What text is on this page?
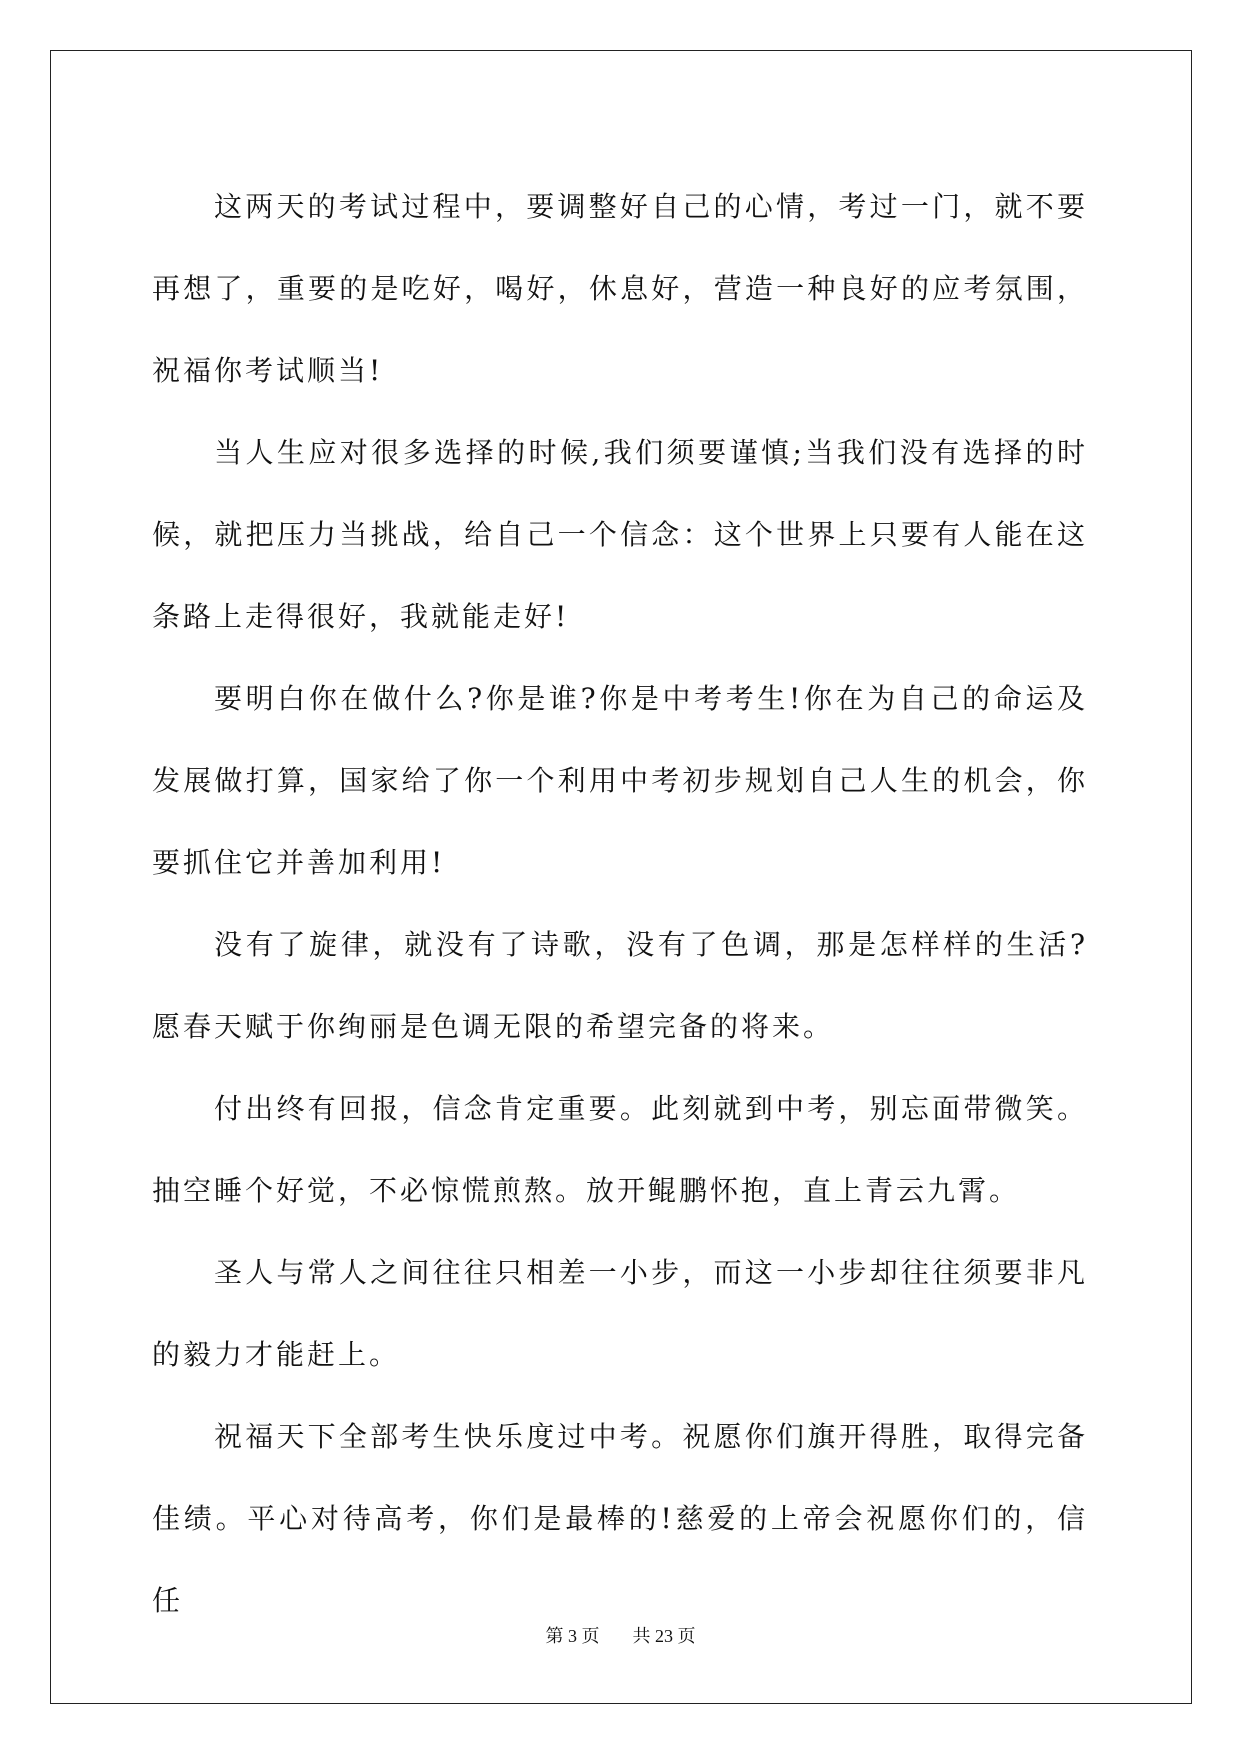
这两天的考试过程中，要调整好自己的心情，考过一门，就不要再想了，重要的是吃好，喝好，休息好，营造一种良好的应考氛围，祝福你考试顺当!

当人生应对很多选择的时候,我们须要谨慎;当我们没有选择的时候，就把压力当挑战，给自己一个信念：这个世界上只要有人能在这条路上走得很好，我就能走好!

要明白你在做什么?你是谁?你是中考考生!你在为自己的命运及发展做打算，国家给了你一个利用中考初步规划自己人生的机会，你要抓住它并善加利用!

没有了旋律，就没有了诗歌，没有了色调，那是怎样样的生活?愿春天赋于你绚丽是色调无限的希望完备的将来。

付出终有回报，信念肯定重要。此刻就到中考，别忘面带微笑。抽空睡个好觉，不必惊慌煎熬。放开鲲鹏怀抱，直上青云九霄。

圣人与常人之间往往只相差一小步，而这一小步却往往须要非凡的毅力才能赶上。

祝福天下全部考生快乐度过中考。祝愿你们旗开得胜，取得完备佳绩。平心对待高考，你们是最棒的!慈爱的上帝会祝愿你们的，信任

第 3 页 共 23 页
